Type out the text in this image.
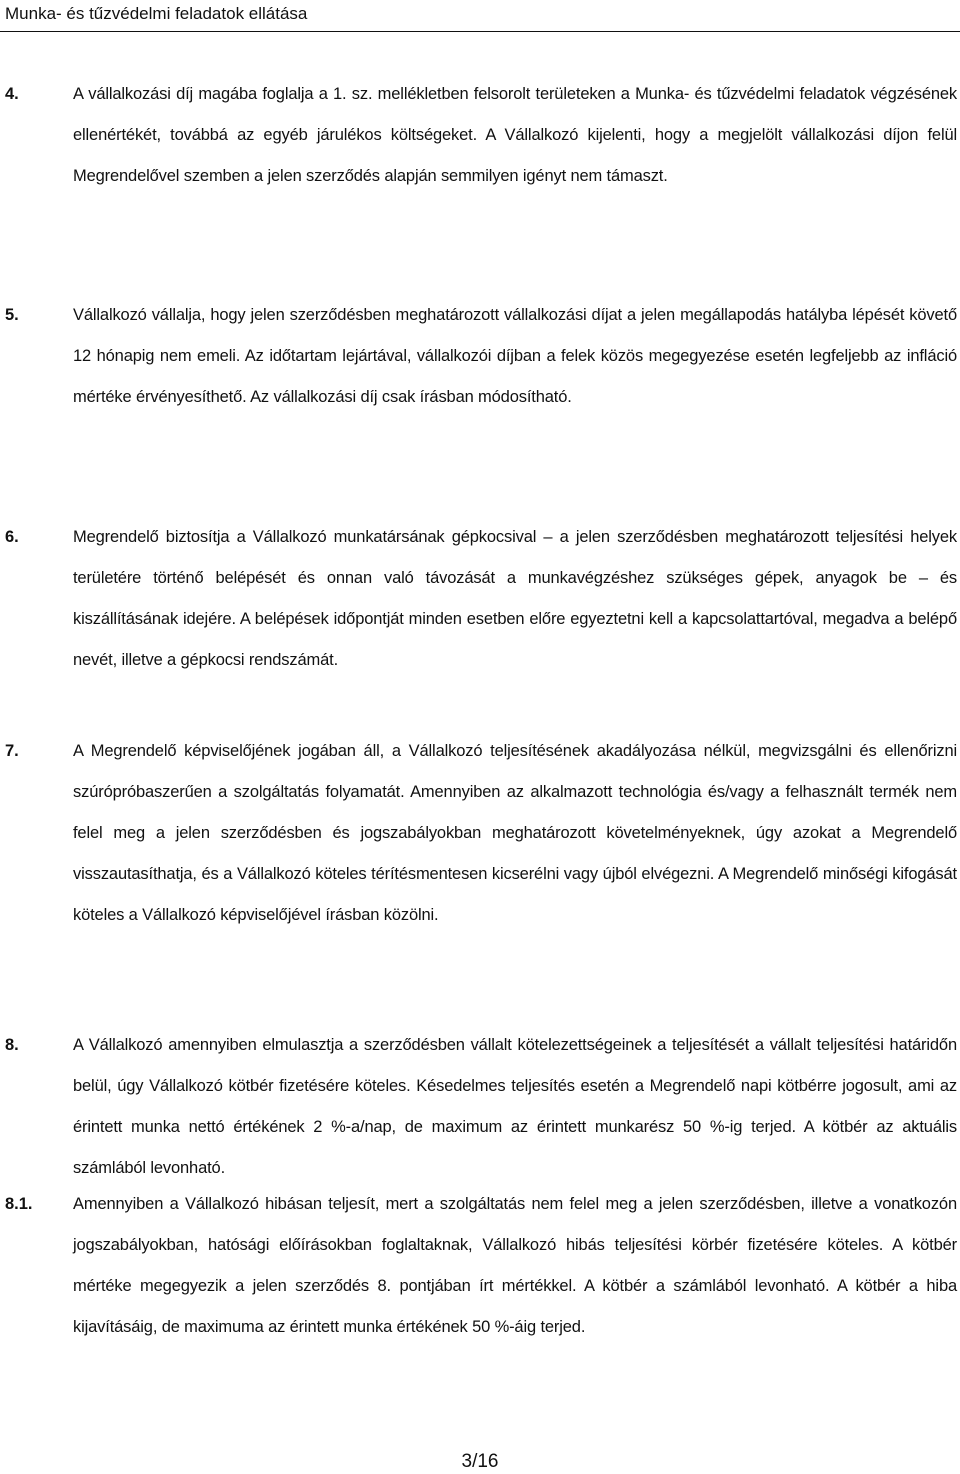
Munka- és tűzvédelmi feladatok ellátása
4.	A vállalkozási díj magába foglalja a 1. sz. mellékletben felsorolt területeken a Munka- és tűzvédelmi feladatok végzésének ellenértékét, továbbá az egyéb járulékos költségeket. A Vállalkozó kijelenti, hogy a megjelölt vállalkozási díjon felül Megrendelővel szemben a jelen szerződés alapján semmilyen igényt nem támaszt.

5.	Vállalkozó vállalja, hogy jelen szerződésben meghatározott vállalkozási díjat a jelen megállapodás hatályba lépését követő 12 hónapig nem emeli. Az időtartam lejártával, vállalkozói díjban a felek közös megegyezése esetén legfeljebb az infláció mértéke érvényesíthető. Az vállalkozási díj csak írásban módosítható.

6.	Megrendelő biztosítja a Vállalkozó munkatársának gépkocsival – a jelen szerződésben meghatározott teljesítési helyek területére történő belépését és onnan való távozását a munkavégzéshez szükséges gépek, anyagok be – és kiszállításának idejére. A belépések időpontját minden esetben előre egyeztetni kell a kapcsolattartóval, megadva a belépő nevét, illetve a gépkocsi rendszámát.

7.	A Megrendelő képviselőjének jogában áll, a Vállalkozó teljesítésének akadályozása nélkül, megvizsgálni és ellenőrizni szúrópróbaszerűen a szolgáltatás folyamatát. Amennyiben az alkalmazott technológia és/vagy a felhasznált termék nem felel meg a jelen szerződésben és jogszabályokban meghatározott követelményeknek, úgy azokat a Megrendelő visszautasíthatja, és a Vállalkozó köteles térítésmentesen kicserélni vagy újból elvégezni. A Megrendelő minőségi kifogását köteles a Vállalkozó képviselőjével írásban közölni.

8.	A Vállalkozó amennyiben elmulasztja a szerződésben vállalt kötelezettségeinek a teljesítését a vállalt teljesítési határidőn belül, úgy Vállalkozó kötbér fizetésére köteles. Késedelmes teljesítés esetén a Megrendelő napi kötbérre jogosult, ami az érintett munka nettó értékének 2 %-a/nap, de maximum az érintett munkarész 50 %-ig terjed. A kötbér az aktuális számlából levonható.

8.1. Amennyiben a Vállalkozó hibásan teljesít, mert a szolgáltatás nem felel meg a jelen szerződésben, illetve a vonatkozón jogszabályokban, hatósági előírásokban foglaltaknak, Vállalkozó hibás teljesítési körbér fizetésére köteles. A kötbér mértéke megegyezik a jelen szerződés 8. pontjában írt mértékkel. A kötbér a számlából levonható. A kötbér a hiba kijavításáig, de maximuma az érintett munka értékének 50 %-áig terjed.

3/16
